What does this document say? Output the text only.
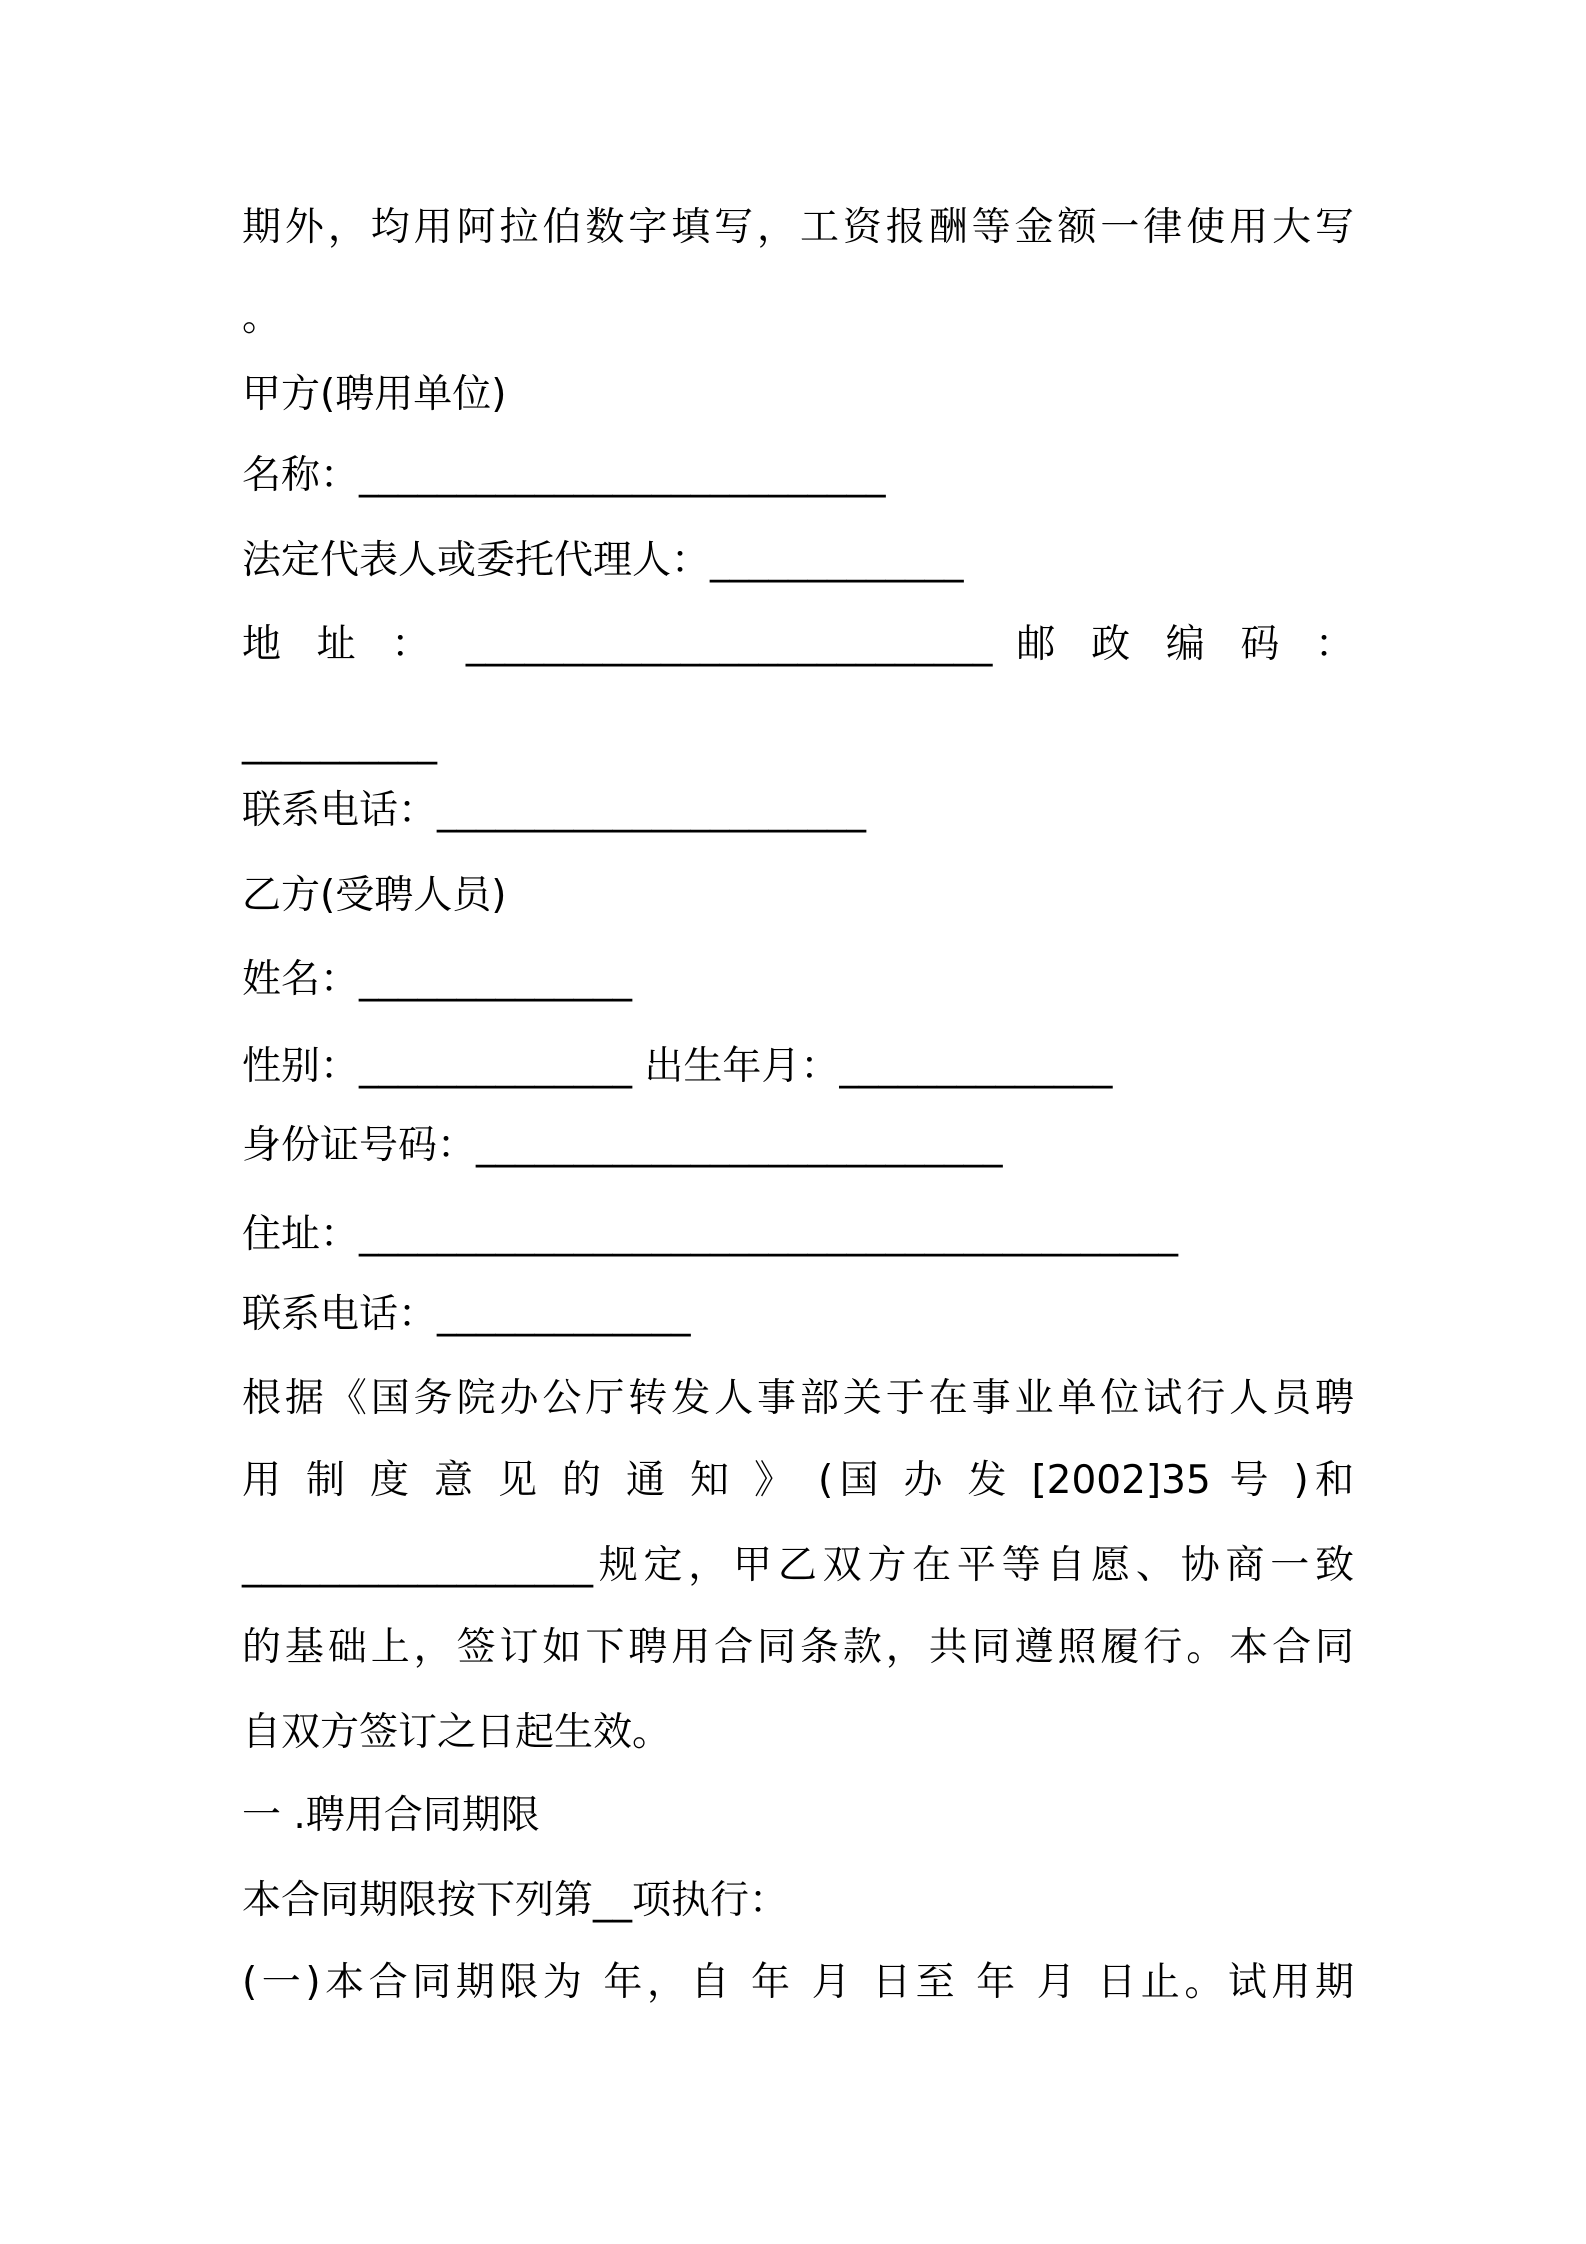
期外，均用阿拉伯数字填写，工资报酬等金额一律使用大写

。

甲方(聘用单位)

名称：___________________________

法定代表人或委托代理人：_____________

地 址 ： ___________________________ 邮 政 编 码 ：

__________

联系电话：______________________

乙方(受聘人员)

姓名：______________

性别：______________ 出生年月：______________

身份证号码：___________________________

住址：__________________________________________

联系电话：_____________

根据《国务院办公厅转发人事部关于在事业单位试行人员聘

用 制 度 意 见 的 通 知 》 (国 办 发 [2002]35 号 )和

__________________规定，甲乙双方在平等自愿、协商一致

的基础上，签订如下聘用合同条款，共同遵照履行。本合同

自双方签订之日起生效。

一 .聘用合同期限

本合同期限按下列第__项执行：

(一)本合同期限为 年，自 年 月 日至 年 月 日止。试用期
